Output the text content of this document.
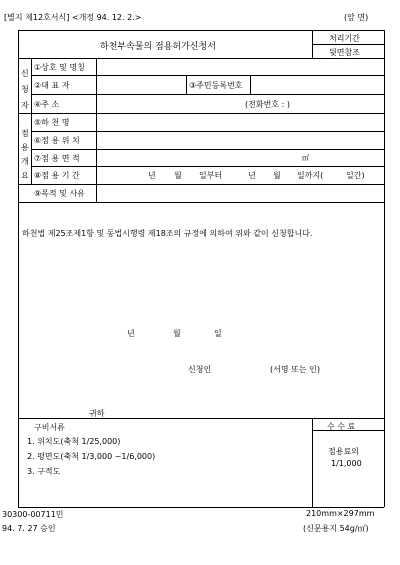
[별지 제12호서식] <개정 94. 12. 2.>	(앞 면)
하천부속물의 점용허가신청서
처리기간
뒷면참조
신
청
자
①상호 및 명칭
②대 표 자	③주민등록번호
④주 소	(전화번호 : )
점
용
개
요
⑤하 천 명
⑥점 용 위 치
⑦점 용 면 적	㎡
⑧점 용 기 간	년 월 일부터	년 월 일까지(	일간)
⑨목적 및 사유
하천법 제25조제1항 및 동법시행령 제18조의 규정에 의하여 위와 같이 신청합니다.
년	월	일
신청인	(서명 또는 인)
귀하
구비서류
1. 위치도(축척 1/25,000)
2. 평면도(축척 1/3,000 ~1/6,000)
3. 구적도
수 수 료
점용료의
1/1,000
30300-00711민	210mm×297mm
94. 7. 27 승인	(신문용지 54g/㎡)
